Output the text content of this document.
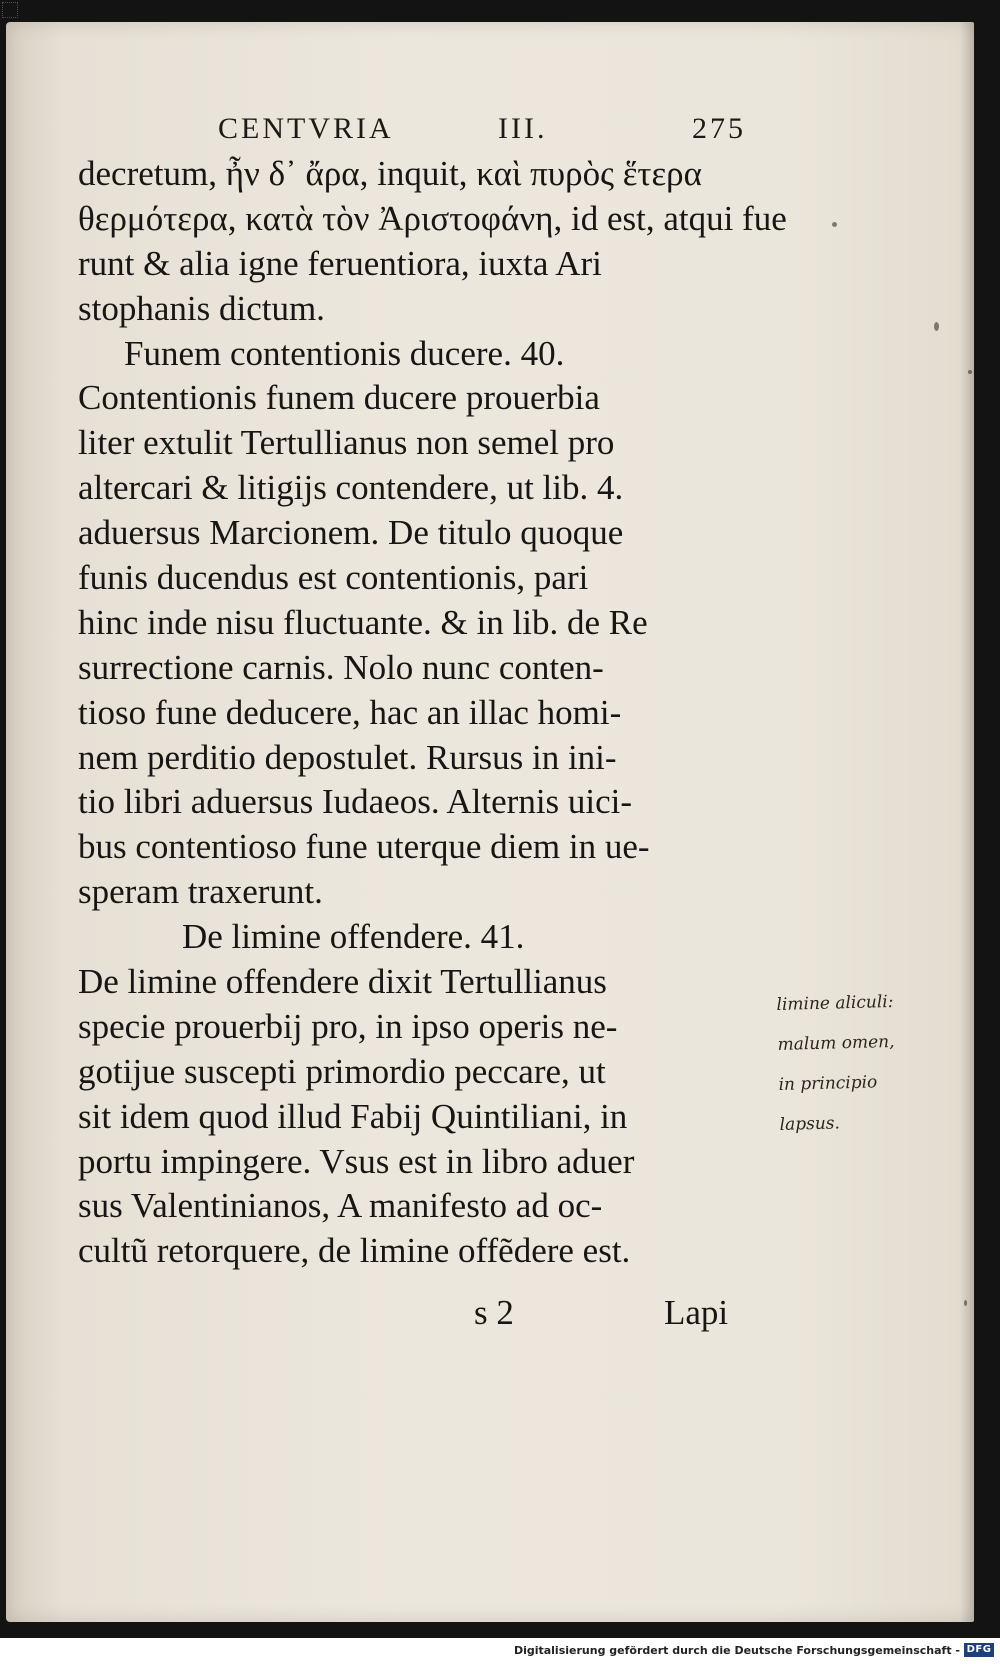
CENTVRIA	III.	275
decretum, ἦν δ᾿ ἄρα, inquit, καὶ πυρὸς ἕτερα
θερμότερα, κατὰ τὸν Ἀριστοφάνη, id est, atqui fue
runt & alia igne feruentiora, iuxta Ari
stophanis dictum.
Funem contentionis ducere. 40.
Contentionis funem ducere prouerbia
liter extulit Tertullianus non semel pro
altercari & litigijs contendere, ut lib. 4.
aduersus Marcionem. De titulo quoque
funis ducendus est contentionis, pari
hinc inde nisu fluctuante. & in lib. de Re
surrectione carnis. Nolo nunc conten-
tioso fune deducere, hac an illac homi-
nem perditio depostulet. Rursus in ini-
tio libri aduersus Iudaeos. Alternis uici-
bus contentioso fune uterque diem in ue-
speram traxerunt.
De limine offendere. 41.
De limine offendere dixit Tertullianus
specie prouerbij pro, in ipso operis ne-
gotijue suscepti primordio peccare, ut
sit idem quod illud Fabij Quintiliani, in
portu impingere. Vsus est in libro aduer
sus Valentinianos, A manifesto ad oc-
cultũ retorquere, de limine offẽdere est.
s 2	Lapi
limine aliculi:
malum omen,
in principio
lapsus.
Digitalisierung gefördert durch die Deutsche Forschungsgemeinschaft - DFG
